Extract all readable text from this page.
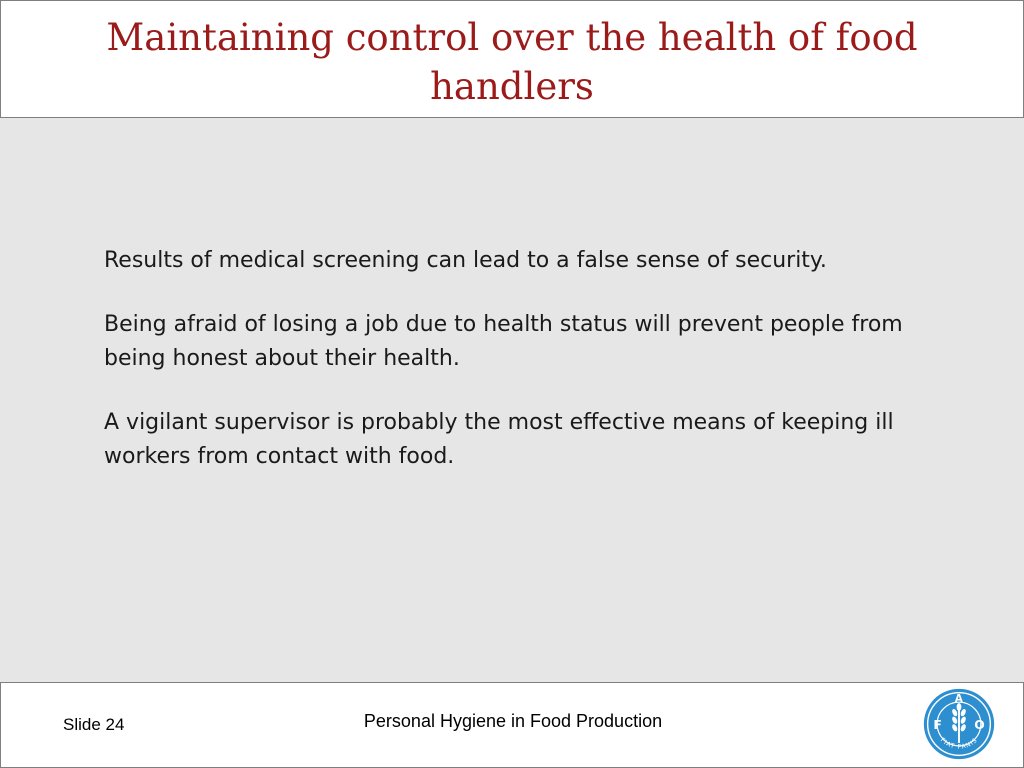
Maintaining control over the health of food handlers

Results of medical screening can lead to a false sense of security.

Being afraid of losing a job due to health status will prevent people from being honest about their health.

A vigilant supervisor is probably the most effective means of keeping ill workers from contact with food.

Slide 24	Personal Hygiene in Food Production	F
A
O
FIAT PANIS
